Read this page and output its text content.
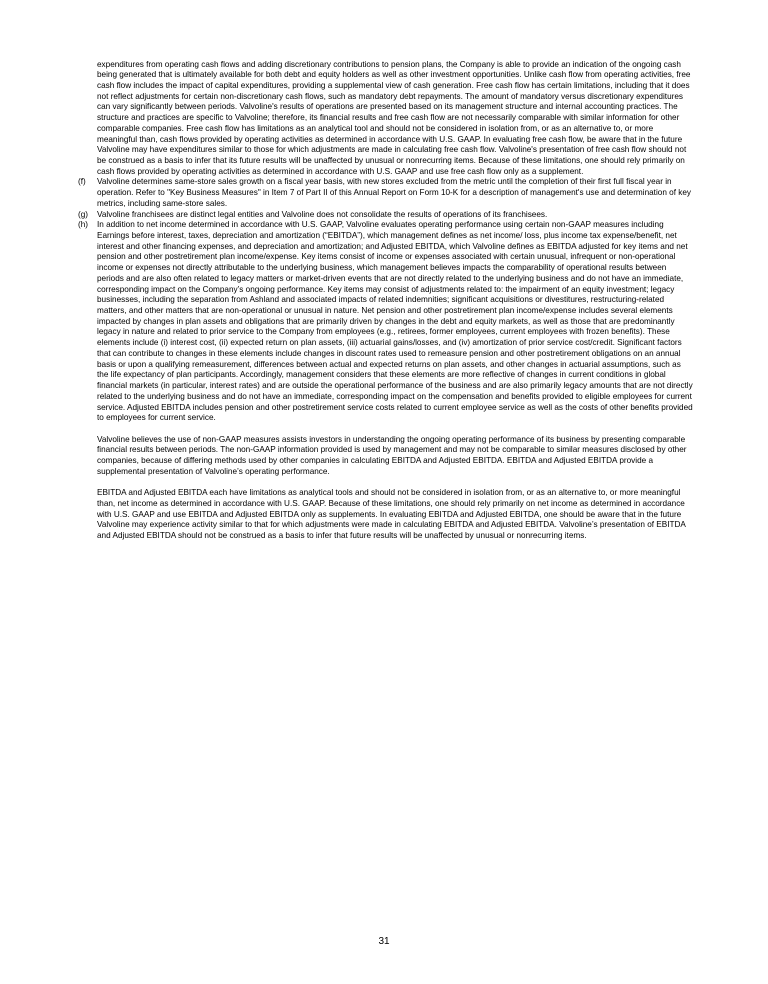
expenditures from operating cash flows and adding discretionary contributions to pension plans, the Company is able to provide an indication of the ongoing cash being generated that is ultimately available for both debt and equity holders as well as other investment opportunities. Unlike cash flow from operating activities, free cash flow includes the impact of capital expenditures, providing a supplemental view of cash generation. Free cash flow has certain limitations, including that it does not reflect adjustments for certain non-discretionary cash flows, such as mandatory debt repayments. The amount of mandatory versus discretionary expenditures can vary significantly between periods. Valvoline's results of operations are presented based on its management structure and internal accounting practices. The structure and practices are specific to Valvoline; therefore, its financial results and free cash flow are not necessarily comparable with similar information for other comparable companies. Free cash flow has limitations as an analytical tool and should not be considered in isolation from, or as an alternative to, or more meaningful than, cash flows provided by operating activities as determined in accordance with U.S. GAAP. In evaluating free cash flow, be aware that in the future Valvoline may have expenditures similar to those for which adjustments are made in calculating free cash flow. Valvoline's presentation of free cash flow should not be construed as a basis to infer that its future results will be unaffected by unusual or nonrecurring items. Because of these limitations, one should rely primarily on cash flows provided by operating activities as determined in accordance with U.S. GAAP and use free cash flow only as a supplement.
(f) Valvoline determines same-store sales growth on a fiscal year basis, with new stores excluded from the metric until the completion of their first full fiscal year in operation. Refer to "Key Business Measures" in Item 7 of Part II of this Annual Report on Form 10-K for a description of management's use and determination of key metrics, including same-store sales.
(g) Valvoline franchisees are distinct legal entities and Valvoline does not consolidate the results of operations of its franchisees.
(h) In addition to net income determined in accordance with U.S. GAAP, Valvoline evaluates operating performance using certain non-GAAP measures including Earnings before interest, taxes, depreciation and amortization (“EBITDA”), which management defines as net income/ loss, plus income tax expense/benefit, net interest and other financing expenses, and depreciation and amortization; and Adjusted EBITDA, which Valvoline defines as EBITDA adjusted for key items and net pension and other postretirement plan income/expense. Key items consist of income or expenses associated with certain unusual, infrequent or non-operational income or expenses not directly attributable to the underlying business, which management believes impacts the comparability of operational results between periods and are also often related to legacy matters or market-driven events that are not directly related to the underlying business and do not have an immediate, corresponding impact on the Company’s ongoing performance. Key items may consist of adjustments related to: the impairment of an equity investment; legacy businesses, including the separation from Ashland and associated impacts of related indemnities; significant acquisitions or divestitures, restructuring-related matters, and other matters that are non-operational or unusual in nature. Net pension and other postretirement plan income/expense includes several elements impacted by changes in plan assets and obligations that are primarily driven by changes in the debt and equity markets, as well as those that are predominantly legacy in nature and related to prior service to the Company from employees (e.g., retirees, former employees, current employees with frozen benefits). These elements include (i) interest cost, (ii) expected return on plan assets, (iii) actuarial gains/losses, and (iv) amortization of prior service cost/credit. Significant factors that can contribute to changes in these elements include changes in discount rates used to remeasure pension and other postretirement obligations on an annual basis or upon a qualifying remeasurement, differences between actual and expected returns on plan assets, and other changes in actuarial assumptions, such as the life expectancy of plan participants. Accordingly, management considers that these elements are more reflective of changes in current conditions in global financial markets (in particular, interest rates) and are outside the operational performance of the business and are also primarily legacy amounts that are not directly related to the underlying business and do not have an immediate, corresponding impact on the compensation and benefits provided to eligible employees for current service. Adjusted EBITDA includes pension and other postretirement service costs related to current employee service as well as the costs of other benefits provided to employees for current service.

Valvoline believes the use of non-GAAP measures assists investors in understanding the ongoing operating performance of its business by presenting comparable financial results between periods. The non-GAAP information provided is used by management and may not be comparable to similar measures disclosed by other companies, because of differing methods used by other companies in calculating EBITDA and Adjusted EBITDA. EBITDA and Adjusted EBITDA provide a supplemental presentation of Valvoline’s operating performance.

EBITDA and Adjusted EBITDA each have limitations as analytical tools and should not be considered in isolation from, or as an alternative to, or more meaningful than, net income as determined in accordance with U.S. GAAP. Because of these limitations, one should rely primarily on net income as determined in accordance with U.S. GAAP and use EBITDA and Adjusted EBITDA only as supplements. In evaluating EBITDA and Adjusted EBITDA, one should be aware that in the future Valvoline may experience activity similar to that for which adjustments were made in calculating EBITDA and Adjusted EBITDA. Valvoline’s presentation of EBITDA and Adjusted EBITDA should not be construed as a basis to infer that future results will be unaffected by unusual or nonrecurring items.

31
